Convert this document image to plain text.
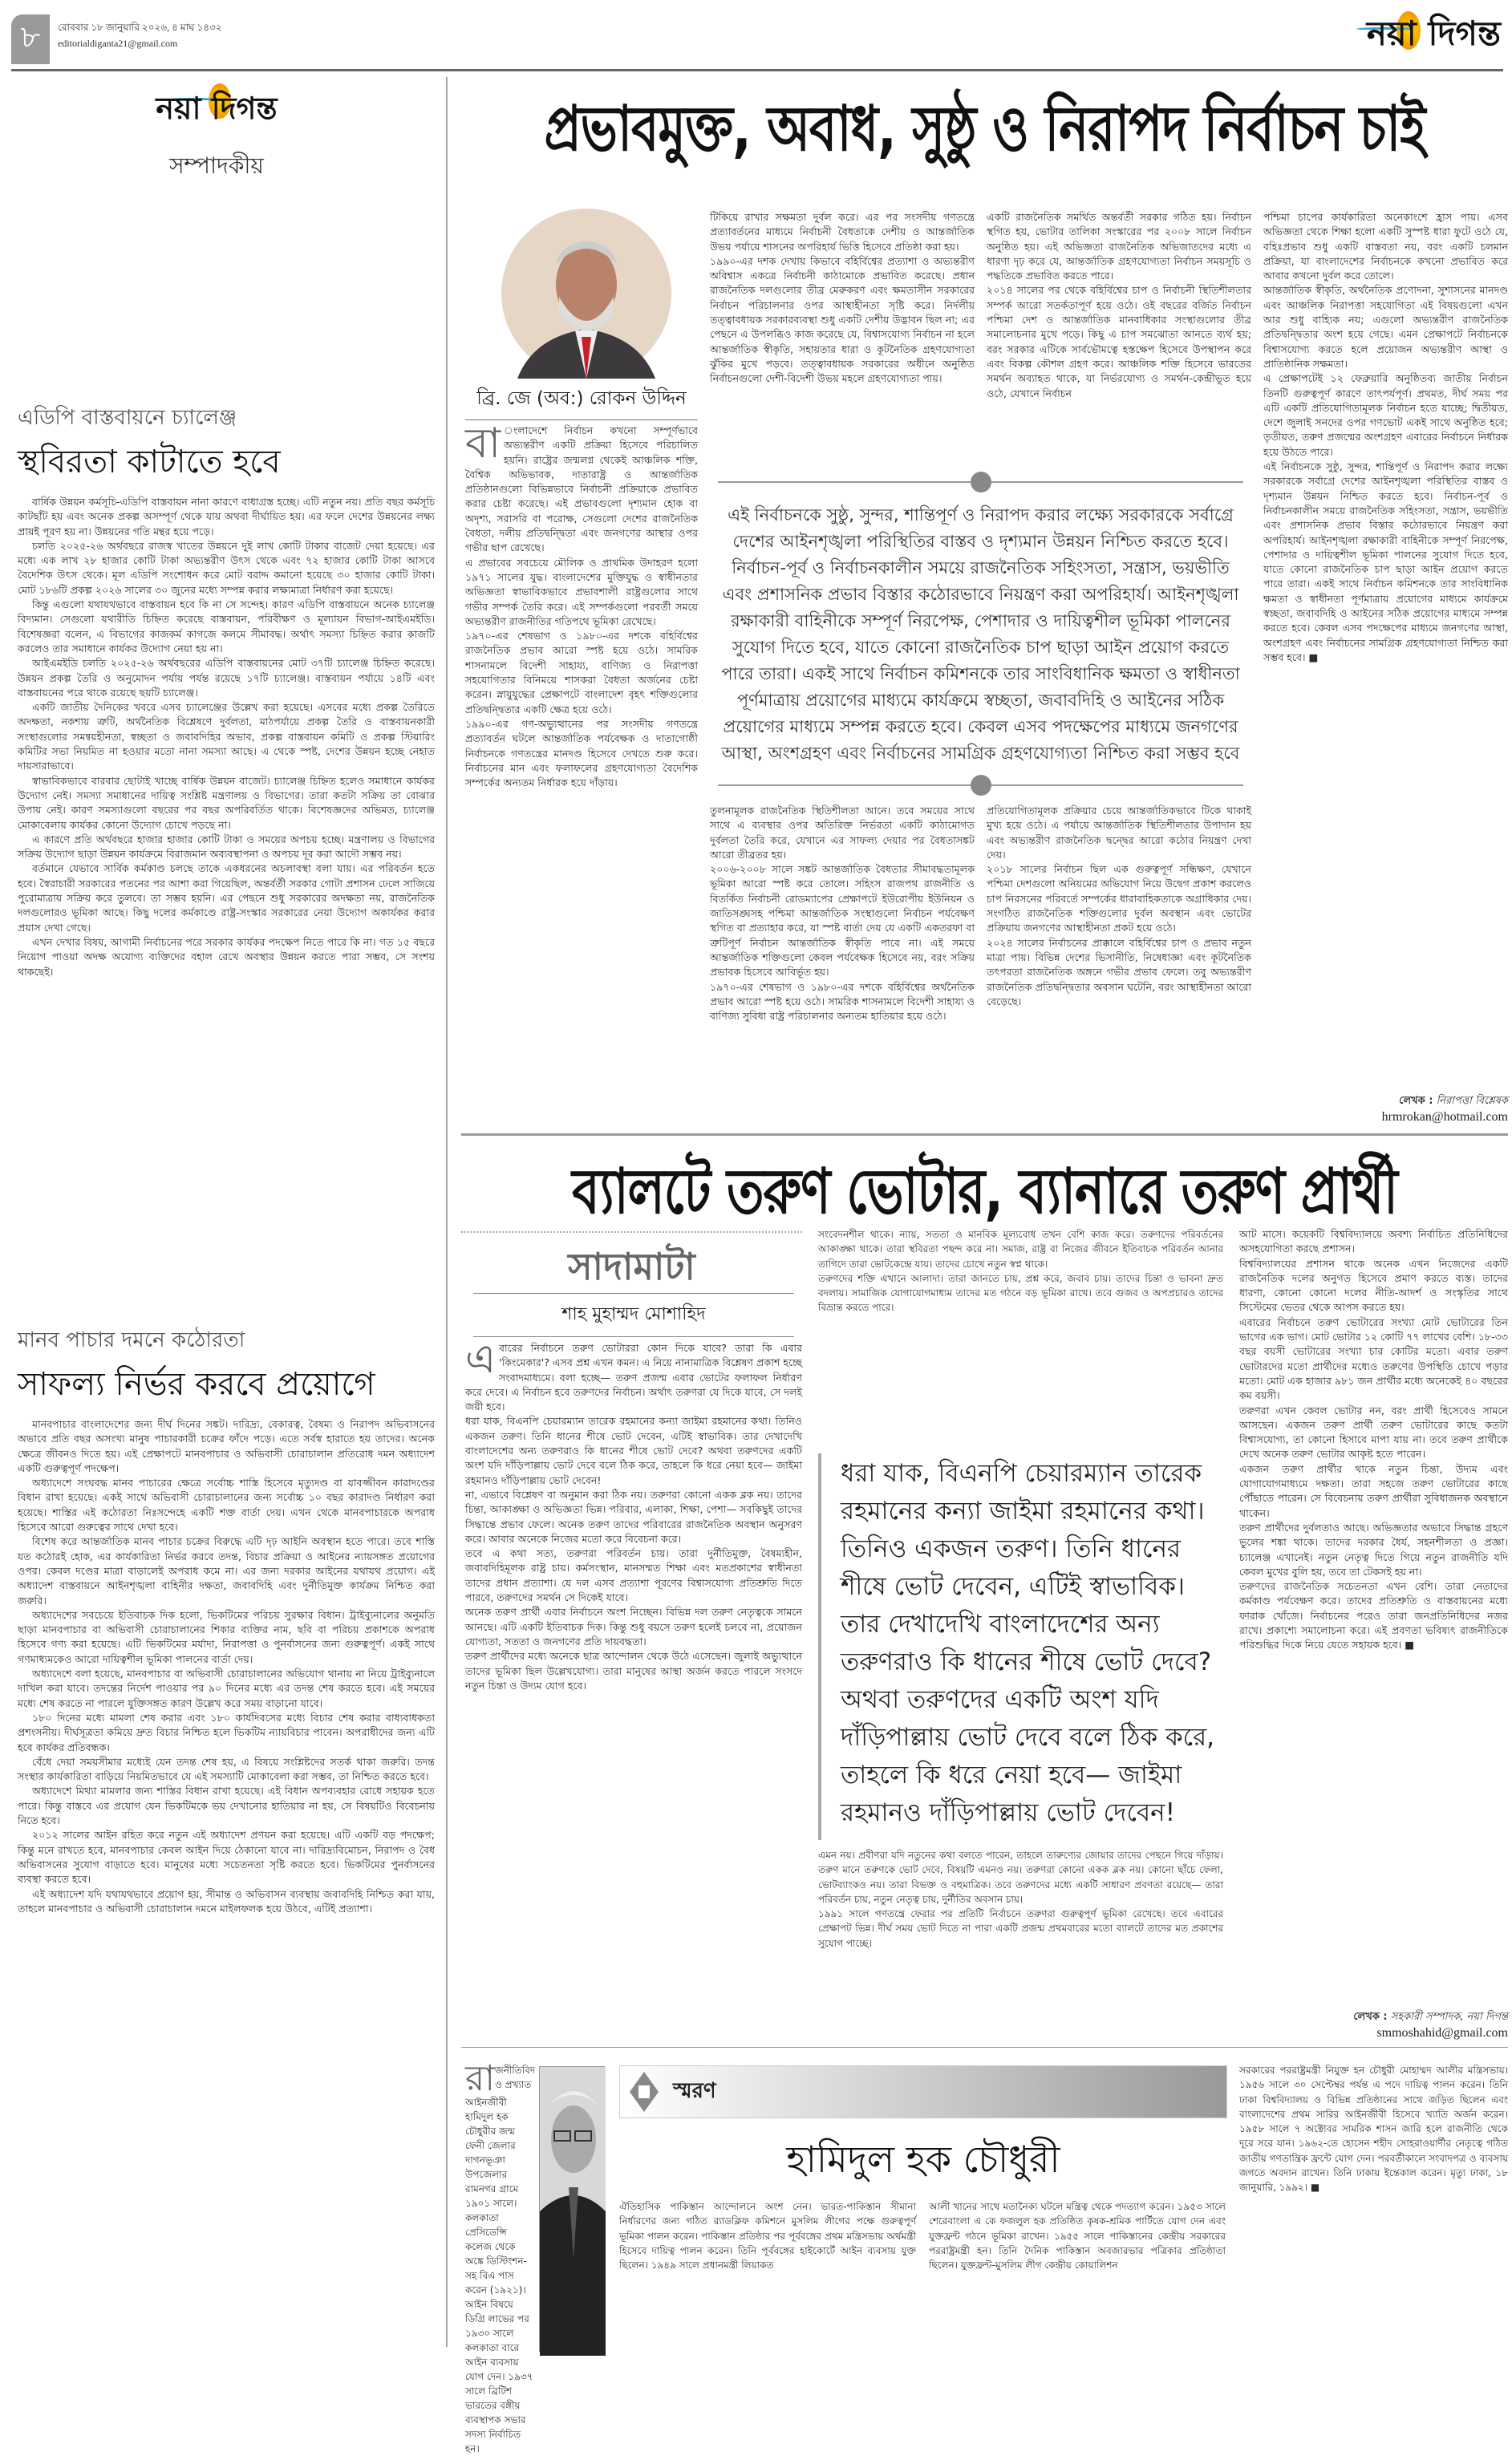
৮	রোববার ১৮ জানুয়ারি ২০২৬, ৪ মাঘ ১৪৩২
editorialdiganta21@gmail.com	নয়া দিগন্ত
নয়া দিগন্ত
সম্পাদকীয়
এডিপি বাস্তবায়নে চ্যালেঞ্জ
স্থবিরতা কাটাতে হবে

বার্ষিক উন্নয়ন কর্মসূচি-এডিপি বাস্তবায়ন নানা কারণে বাধাগ্রস্ত হচ্ছে। এটি নতুন নয়। প্রতি বছর কর্মসূচি কাটছাঁট হয় এবং অনেক প্রকল্প অসম্পূর্ণ থেকে যায় অথবা দীর্ঘায়িত হয়। এর ফলে দেশের উন্নয়নের লক্ষ্য প্রায়ই পূরণ হয় না। উন্নয়নের গতি মন্থর হয়ে পড়ে।

চলতি ২০২৫-২৬ অর্থবছরে রাজস্ব খাতের উন্নয়নে দুই লাখ কোটি টাকার বাজেট দেয়া হয়েছে। এর মধ্যে এক লাখ ২৮ হাজার কোটি টাকা অভ্যন্তরীণ উৎস থেকে এবং ৭২ হাজার কোটি টাকা আসবে বৈদেশিক উৎস থেকে। মূল এডিপি সংশোধন করে মোট বরাদ্দ কমানো হয়েছে ৩০ হাজার কোটি টাকা। মোট ১৮৬টি প্রকল্প ২০২৬ সালের ৩০ জুনের মধ্যে সম্পন্ন করার লক্ষ্যমাত্রা নির্ধারণ করা হয়েছে।

কিন্তু এগুলো যথাযথভাবে বাস্তবায়ন হবে কি না সে সন্দেহ। কারণ এডিপি বাস্তবায়নে অনেক চ্যালেঞ্জ বিদ্যমান। সেগুলো যথারীতি চিহ্নিত করেছে বাস্তবায়ন, পরিবীক্ষণ ও মূল্যায়ন বিভাগ-আইএমইডি। বিশেষজ্ঞরা বলেন, এ বিভাগের কাজকর্ম কাগজে কলমে সীমাবদ্ধ। অর্থাৎ সমস্যা চিহ্নিত করার কাজটি করলেও তার সমাধানে কার্যকর উদ্যোগ নেয়া হয় না।

আইএমইডি চলতি ২০২৫-২৬ অর্থবছরের এডিপি বাস্তবায়নের মোট ৩৭টি চ্যালেঞ্জ চিহ্নিত করেছে। উন্নয়ন প্রকল্প তৈরি ও অনুমোদন পর্যায় পর্যন্ত রয়েছে ১৭টি চ্যালেঞ্জ। বাস্তবায়ন পর্যায়ে ১৪টি এবং বাস্তবায়নের পরে থাকে রয়েছে ছয়টি চ্যালেঞ্জ।

একটি জাতীয় দৈনিকের খবরে এসব চ্যালেঞ্জের উল্লেখ করা হয়েছে। এসবের মধ্যে প্রকল্প তৈরিতে অদক্ষতা, নকশায় ত্রুটি, অর্থনৈতিক বিশ্লেষণে দুর্বলতা, মাঠপর্যায়ে প্রকল্প তৈরি ও বাস্তবায়নকারী সংস্থাগুলোর সমন্বয়হীনতা, স্বচ্ছতা ও জবাবদিহির অভাব, প্রকল্প বাস্তবায়ন কমিটি ও প্রকল্প স্টিয়ারিং কমিটির সভা নিয়মিত না হওয়ার মতো নানা সমস্যা আছে। এ থেকে স্পষ্ট, দেশের উন্নয়ন হচ্ছে নেহাত দায়সারাভাবে।

স্বাভাবিকভাবে বারবার ছোটাই খাচ্ছে বার্ষিক উন্নয়ন বাজেট। চ্যালেঞ্জ চিহ্নিত হলেও সমাধানে কার্যকর উদ্যোগ নেই। সমস্যা সমাধানের দায়িত্ব সংশ্লিষ্ট মন্ত্রণালয় ও বিভাগের। তারা কতটা সক্রিয় তা বোঝার উপায় নেই। কারণ সমস্যাগুলো বছরের পর বছর অপরিবর্তিত থাকে। বিশেষজ্ঞদের অভিমত, চ্যালেঞ্জ মোকাবেলায় কার্যকর কোনো উদ্যোগ চোখে পড়ছে না।

এ কারণে প্রতি অর্থবছরে হাজার হাজার কোটি টাকা ও সময়ের অপচয় হচ্ছে। মন্ত্রণালয় ও বিভাগের সক্রিয় উদ্যোগ ছাড়া উন্নয়ন কার্যক্রমে বিরাজমান অব্যবস্থাপনা ও অপচয় দূর করা আদৌ সম্ভব নয়।

বর্তমানে যেভাবে সার্বিক কর্মকাণ্ড চলছে তাকে একধরনের অচলাবস্থা বলা যায়। এর পরিবর্তন হতে হবে। স্বৈরাচারী সরকারের পতনের পর আশা করা গিয়েছিল, অন্তর্বর্তী সরকার গোটা প্রশাসন ঢেলে সাজিয়ে পুরোমাত্রায় সক্রিয় করে তুলবে। তা সম্ভব হয়নি। এর পেছনে শুধু সরকারের অদক্ষতা নয়, রাজনৈতিক দলগুলোরও ভূমিকা আছে। কিছু দলের কর্মকাণ্ডে রাষ্ট্র-সংস্কার সরকারের নেয়া উদ্যোগ অকার্যকর করার প্রয়াস দেখা গেছে।

এখন দেখার বিষয়, আগামী নির্বাচনের পরে সরকার কার্যকর পদক্ষেপ নিতে পারে কি না। গত ১৫ বছরে নিয়োগ পাওয়া অদক্ষ অযোগ্য ব্যক্তিদের বহাল রেখে অবস্থার উন্নয়ন করতে পারা সম্ভব, সে সংশয় থাকছেই।

মানব পাচার দমনে কঠোরতা
সাফল্য নির্ভর করবে প্রয়োগে

মানবপাচার বাংলাদেশের জন্য দীর্ঘ দিনের সঙ্কট। দারিদ্র্য, বেকারত্ব, বৈষম্য ও নিরাপদ অভিবাসনের অভাবে প্রতি বছর অসংখ্য মানুষ পাচারকারী চক্রের ফাঁদে পড়ে। এতে সর্বস্ব হারাতে হয় তাদের। অনেক ক্ষেত্রে জীবনও দিতে হয়। এই প্রেক্ষাপটে মানবপাচার ও অভিবাসী চোরাচালান প্রতিরোধ দমন অধ্যাদেশ একটি গুরুত্বপূর্ণ পদক্ষেপ।

অধ্যাদেশে সংঘবদ্ধ মানব পাচারের ক্ষেত্রে সর্বোচ্চ শাস্তি হিসেবে মৃত্যুদণ্ড বা যাবজ্জীবন কারাদণ্ডের বিধান রাখা হয়েছে। একই সাথে অভিবাসী চোরাচালানের জন্য সর্বোচ্চ ১০ বছর কারাদণ্ড নির্ধারণ করা হয়েছে। শাস্তির এই কঠোরতা নিঃসন্দেহে একটি শক্ত বার্তা দেয়। এখন থেকে মানবপাচারকে অপরাধ হিসেবে আরো গুরুত্বের সাথে দেখা হবে।

বিশেষ করে আন্তর্জাতিক মানব পাচার চক্রের বিরুদ্ধে এটি দৃঢ় আইনি অবস্থান হতে পারে। তবে শাস্তি যত কঠোরই হোক, এর কার্যকারিতা নির্ভর করবে তদন্ত, বিচার প্রক্রিয়া ও আইনের ন্যায়সঙ্গত প্রয়োগের ওপর। কেবল দণ্ডের মাত্রা বাড়ালেই অপরাধ কমে না। এর জন্য দরকার আইনের যথাযথ প্রয়োগ। এই অধ্যাদেশ বাস্তবায়নে আইনশৃঙ্খলা বাহিনীর দক্ষতা, জবাবদিহি এবং দুর্নীতিমুক্ত কার্যক্রম নিশ্চিত করা জরুরি।

অধ্যাদেশের সবচেয়ে ইতিবাচক দিক হলো, ভিকটিমের পরিচয় সুরক্ষার বিধান। ট্রাইব্যুনালের অনুমতি ছাড়া মানবপাচার বা অভিবাসী চোরাচালানের শিকার ব্যক্তির নাম, ছবি বা পরিচয় প্রকাশকে অপরাধ হিসেবে গণ্য করা হয়েছে। এটি ভিকটিমের মর্যাদা, নিরাপত্তা ও পুনর্বাসনের জন্য গুরুত্বপূর্ণ। একই সাথে গণমাধ্যমকেও আরো দায়িত্বশীল ভূমিকা পালনের বার্তা দেয়।

অধ্যাদেশে বলা হয়েছে, মানবপাচার বা অভিবাসী চোরাচালানের অভিযোগ থানায় না নিয়ে ট্রাইব্যুনালে দাখিল করা যাবে। তদন্তের নির্দেশ পাওয়ার পর ৯০ দিনের মধ্যে এর তদন্ত শেষ করতে হবে। এই সময়ের মধ্যে শেষ করতে না পারলে যুক্তিসঙ্গত কারণ উল্লেখ করে সময় বাড়ানো যাবে।

১৮০ দিনের মধ্যে মামলা শেষ করার এবং ১৮০ কার্যদিবসের মধ্যে বিচার শেষ করার বাধ্যবাধকতা প্রশংসনীয়। দীর্ঘসূত্রতা কমিয়ে দ্রুত বিচার নিশ্চিত হলে ভিকটিম ন্যায়বিচার পাবেন। অপরাধীদের জন্য এটি হবে কার্যকর প্রতিবন্ধক।

বেঁধে দেয়া সময়সীমার মধ্যেই যেন তদন্ত শেষ হয়, এ বিষয়ে সংশ্লিষ্টদের সতর্ক থাকা জরুরি। তদন্ত সংস্থার কার্যকারিতা বাড়িয়ে নিয়মিতভাবে যে এই সমস্যাটি মোকাবেলা করা সম্ভব, তা নিশ্চিত করতে হবে।

অধ্যাদেশে মিথ্যা মামলার জন্য শাস্তির বিধান রাখা হয়েছে। এই বিধান অপব্যবহার রোধে সহায়ক হতে পারে। কিন্তু বাস্তবে এর প্রয়োগ যেন ভিকটিমকে ভয় দেখানোর হাতিয়ার না হয়, সে বিষয়টিও বিবেচনায় নিতে হবে।

২০১২ সালের আইন রহিত করে নতুন এই অধ্যাদেশ প্রণয়ন করা হয়েছে। এটি একটি বড় পদক্ষেপ; কিন্তু মনে রাখতে হবে, মানবপাচার কেবল আইন দিয়ে ঠেকানো যাবে না। দারিদ্র্যবিমোচন, নিরাপদ ও বৈধ অভিবাসনের সুযোগ বাড়াতে হবে। মানুষের মধ্যে সচেতনতা সৃষ্টি করতে হবে। ভিকটিমের পুনর্বাসনের ব্যবস্থা করতে হবে।

এই অধ্যাদেশ যদি যথাযথভাবে প্রয়োগ হয়, সীমান্ত ও অভিবাসন ব্যবস্থায় জবাবদিহি নিশ্চিত করা যায়, তাহলে মানবপাচার ও অভিবাসী চোরাচালান দমনে মাইলফলক হয়ে উঠবে, এটিই প্রত্যাশা।

প্রভাবমুক্ত, অবাধ, সুষ্ঠু ও নিরাপদ নির্বাচন চাই
ব্রি. জে (অব:) রোকন উদ্দিন
বা ংলাদেশে নির্বাচন কখনো সম্পূর্ণভাবে অভ্যন্তরীণ একটি প্রক্রিয়া হিসেবে পরিচালিত হয়নি। রাষ্ট্রের জন্মলগ্ন থেকেই আঞ্চলিক শক্তি, বৈশ্বিক অভিভাবক, দাতারাষ্ট্র ও আন্তর্জাতিক প্রতিষ্ঠানগুলো বিভিন্নভাবে নির্বাচনী প্রক্রিয়াকে প্রভাবিত করার চেষ্টা করেছে। এই প্রভাবগুলো দৃশ্যমান হোক বা অদৃশ্য, সরাসরি বা পরোক্ষ, সেগুলো দেশের রাজনৈতিক বৈধতা, দলীয় প্রতিদ্বন্দ্বিতা এবং জনগণের আস্থার ওপর গভীর ছাপ রেখেছে।
এ প্রভাবের সবচেয়ে মৌলিক ও প্রাথমিক উদাহরণ হলো ১৯৭১ সালের যুদ্ধ। বাংলাদেশের মুক্তিযুদ্ধ ও স্বাধীনতার অভিজ্ঞতা স্বাভাবিকভাবে প্রভাবশালী রাষ্ট্রগুলোর সাথে গভীর সম্পর্ক তৈরি করে। এই সম্পর্কগুলো পরবর্তী সময়ে অভ্যন্তরীণ রাজনীতির গতিপথে ভূমিকা রেখেছে।
১৯৭০-এর শেষভাগ ও ১৯৮০-এর দশকে বহির্বিশ্বের রাজনৈতিক প্রভাব আরো স্পষ্ট হয়ে ওঠে। সামরিক শাসনামলে বিদেশী সাহায্য, বাণিজ্য ও নিরাপত্তা সহযোগিতার বিনিময়ে শাসকরা বৈধতা অর্জনের চেষ্টা করেন। স্নায়ুযুদ্ধের প্রেক্ষাপটে বাংলাদেশ বৃহৎ শক্তিগুলোর প্রতিদ্বন্দ্বিতার একটি ক্ষেত্র হয়ে ওঠে।
১৯৯০-এর গণ-অভ্যুত্থানের পর সংসদীয় গণতন্ত্রে প্রত্যাবর্তন ঘটলে আন্তর্জাতিক পর্যবেক্ষক ও দাতাগোষ্ঠী নির্বাচনকে গণতন্ত্রের মানদণ্ড হিসেবে দেখতে শুরু করে। নির্বাচনের মান এবং ফলাফলের গ্রহণযোগ্যতা বৈদেশিক সম্পর্কের অন্যতম নির্ধারক হয়ে দাঁড়ায়।
টিকিয়ে রাখার সক্ষমতা দুর্বল করে। এর পর সংসদীয় গণতন্ত্রে প্রত্যাবর্তনের মাধ্যমে নির্বাচনী বৈধতাকে দেশীয় ও আন্তর্জাতিক উভয় পর্যায়ে শাসনের অপরিহার্য ভিত্তি হিসেবে প্রতিষ্ঠা করা হয়।
১৯৯০-এর দশক দেখায় কিভাবে বহির্বিশ্বের প্রত্যাশা ও অভ্যন্তরীণ অবিশ্বাস একত্রে নির্বাচনী কাঠামোকে প্রভাবিত করেছে। প্রধান রাজনৈতিক দলগুলোর তীব্র মেরুকরণ এবং ক্ষমতাসীন সরকারের নির্বাচন পরিচালনার ওপর আস্থাহীনতা সৃষ্টি করে। নির্দলীয় তত্ত্বাবধায়ক সরকারব্যবস্থা শুধু একটি দেশীয় উদ্ভাবন ছিল না; এর পেছনে এ উপলব্ধিও কাজ করেছে যে, বিশ্বাসযোগ্য নির্বাচন না হলে আন্তর্জাতিক স্বীকৃতি, সহায়তার ধারা ও কূটনৈতিক গ্রহণযোগ্যতা ঝুঁকির মুখে পড়বে। তত্ত্বাবধায়ক সরকারের অধীনে অনুষ্ঠিত নির্বাচনগুলো দেশী-বিদেশী উভয় মহলে গ্রহণযোগ্যতা পায়।
একটি রাজনৈতিক সমর্থিত অন্তর্বর্তী সরকার গঠিত হয়। নির্বাচন স্থগিত হয়, ভোটার তালিকা সংস্কারের পর ২০০৮ সালে নির্বাচন অনুষ্ঠিত হয়। এই অভিজ্ঞতা রাজনৈতিক অভিজাতদের মধ্যে এ ধারণা দৃঢ় করে যে, আন্তর্জাতিক গ্রহণযোগ্যতা নির্বাচন সময়সূচি ও পদ্ধতিকে প্রভাবিত করতে পারে।
২০১৪ সালের পর থেকে বহির্বিশ্বের চাপ ও নির্বাচনী স্থিতিশীলতার সম্পর্ক আরো সতর্কতাপূর্ণ হয়ে ওঠে। ওই বছরের বর্জিত নির্বাচন পশ্চিমা দেশ ও আন্তর্জাতিক মানবাধিকার সংস্থাগুলোর তীব্র সমালোচনার মুখে পড়ে। কিছু এ চাপ সমঝোতা আনতে ব্যর্থ হয়; বরং সরকার এটিকে সার্বভৌমত্বে হস্তক্ষেপ হিসেবে উপস্থাপন করে এবং বিকল্প কৌশল গ্রহণ করে। আঞ্চলিক শক্তি হিসেবে ভারতের সমর্থন অব্যাহত থাকে, যা নির্ভরযোগ্য ও সমর্থন-কেন্দ্রীভূত হয়ে ওঠে, যেখানে নির্বাচন
এই নির্বাচনকে সুষ্ঠু, সুন্দর, শান্তিপূর্ণ ও নিরাপদ করার লক্ষ্যে সরকারকে সর্বাগ্রে দেশের আইনশৃঙ্খলা পরিস্থিতির বাস্তব ও দৃশ্যমান উন্নয়ন নিশ্চিত করতে হবে। নির্বাচন-পূর্ব ও নির্বাচনকালীন সময়ে রাজনৈতিক সহিংসতা, সন্ত্রাস, ভয়ভীতি এবং প্রশাসনিক প্রভাব বিস্তার কঠোরভাবে নিয়ন্ত্রণ করা অপরিহার্য। আইনশৃঙ্খলা রক্ষাকারী বাহিনীকে সম্পূর্ণ নিরপেক্ষ, পেশাদার ও দায়িত্বশীল ভূমিকা পালনের সুযোগ দিতে হবে, যাতে কোনো রাজনৈতিক চাপ ছাড়া আইন প্রয়োগ করতে পারে তারা। একই সাথে নির্বাচন কমিশনকে তার সাংবিধানিক ক্ষমতা ও স্বাধীনতা পূর্ণমাত্রায় প্রয়োগের মাধ্যমে কার্যক্রমে স্বচ্ছতা, জবাবদিহি ও আইনের সঠিক প্রয়োগের মাধ্যমে সম্পন্ন করতে হবে। কেবল এসব পদক্ষেপের মাধ্যমে জনগণের আস্থা, অংশগ্রহণ এবং নির্বাচনের সামগ্রিক গ্রহণযোগ্যতা নিশ্চিত করা সম্ভব হবে
তুলনামূলক রাজনৈতিক স্থিতিশীলতা আনে। তবে সময়ের সাথে সাথে এ ব্যবস্থার ওপর অতিরিক্ত নির্ভরতা একটি কাঠামোগত দুর্বলতা তৈরি করে, যেখানে এর সাফল্য দেয়ার পর বৈধতাসঙ্কট আরো তীব্রতর হয়।
২০০৬-২০০৮ সালে সঙ্কট আন্তর্জাতিক বৈধতার সীমাবদ্ধতামূলক ভূমিকা আরো স্পষ্ট করে তোলে। সহিংস রাজপথ রাজনীতি ও বিতর্কিত নির্বাচনী রোডম্যাপের প্রেক্ষাপটে ইউরোপীয় ইউনিয়ন ও জাতিসঙ্ঘসহ পশ্চিমা আন্তর্জাতিক সংস্থাগুলো নির্বাচন পর্যবেক্ষণ স্থগিত বা প্রত্যাহার করে, যা স্পষ্ট বার্তা দেয় যে একটি একতরফা বা ত্রুটিপূর্ণ নির্বাচন আন্তর্জাতিক স্বীকৃতি পাবে না। এই সময়ে আন্তর্জাতিক শক্তিগুলো কেবল পর্যবেক্ষক হিসেবে নয়, বরং সক্রিয় প্রভাবক হিসেবে আবির্ভূত হয়।
১৯৭০-এর শেষভাগ ও ১৯৮০-এর দশকে বহির্বিশ্বের অর্থনৈতিক প্রভাব আরো স্পষ্ট হয়ে ওঠে। সামরিক শাসনামলে বিদেশী সাহায্য ও বাণিজ্য সুবিধা রাষ্ট্র পরিচালনার অন্যতম হাতিয়ার হয়ে ওঠে।
প্রতিযোগিতামূলক প্রক্রিয়ার চেয়ে আন্তর্জাতিকভাবে টিকে থাকাই মুখ্য হয়ে ওঠে। এ পর্যায়ে আন্তর্জাতিক স্থিতিশীলতার উপাদান হয় এবং অভ্যন্তরীণ রাজনৈতিক দ্বন্দ্বের আরো কঠোর নিয়ন্ত্রণ দেখা দেয়।
২০১৮ সালের নির্বাচন ছিল এক গুরুত্বপূর্ণ সন্ধিক্ষণ, যেখানে পশ্চিমা দেশগুলো অনিয়মের অভিযোগ নিয়ে উদ্বেগ প্রকাশ করলেও চাপ নিরসনের পরিবর্তে সম্পর্কের ধারাবাহিকতাকে অগ্রাধিকার দেয়। সংগঠিত রাজনৈতিক শক্তিগুলোর দুর্বল অবস্থান এবং ভোটের প্রক্রিয়ায় জনগণের আস্থাহীনতা প্রকট হয়ে ওঠে।
২০২৪ সালের নির্বাচনের প্রাক্কালে বহির্বিশ্বের চাপ ও প্রভাব নতুন মাত্রা পায়। বিভিন্ন দেশের ভিসানীতি, নিষেধাজ্ঞা এবং কূটনৈতিক তৎপরতা রাজনৈতিক অঙ্গনে গভীর প্রভাব ফেলে। তবু অভ্যন্তরীণ রাজনৈতিক প্রতিদ্বন্দ্বিতার অবসান ঘটেনি, বরং আস্থাহীনতা আরো বেড়েছে।
পশ্চিমা চাপের কার্যকারিতা অনেকাংশে হ্রাস পায়। এসব অভিজ্ঞতা থেকে শিক্ষা হলো একটি সুস্পষ্ট ধারা ফুটে ওঠে যে, বহিঃপ্রভাব শুধু একটি বাস্তবতা নয়, বরং একটি চলমান প্রক্রিয়া, যা বাংলাদেশের নির্বাচনকে কখনো প্রভাবিত করে আবার কখনো দুর্বল করে তোলে।
আন্তর্জাতিক স্বীকৃতি, অর্থনৈতিক প্রণোদনা, সুশাসনের মানদণ্ড এবং আঞ্চলিক নিরাপত্তা সহযোগিতা এই বিষয়গুলো এখন আর শুধু বাহ্যিক নয়; এগুলো অভ্যন্তরীণ রাজনৈতিক প্রতিদ্বন্দ্বিতার অংশ হয়ে গেছে। এমন প্রেক্ষাপটে নির্বাচনকে বিশ্বাসযোগ্য করতে হলে প্রয়োজন অভ্যন্তরীণ আস্থা ও প্রাতিষ্ঠানিক সক্ষমতা।
এ প্রেক্ষাপটেই ১২ ফেব্রুয়ারি অনুষ্ঠিতব্য জাতীয় নির্বাচন তিনটি গুরুত্বপূর্ণ কারণে তাৎপর্যপূর্ণ। প্রথমত, দীর্ঘ সময় পর এটি একটি প্রতিযোগিতামূলক নির্বাচন হতে যাচ্ছে; দ্বিতীয়ত, দেশে জুলাই সনদের ওপর গণভোট একই সাথে অনুষ্ঠিত হবে; তৃতীয়ত, তরুণ প্রজন্মের অংশগ্রহণ এবারের নির্বাচনে নির্ধারক হয়ে উঠতে পারে।
এই নির্বাচনকে সুষ্ঠু, সুন্দর, শান্তিপূর্ণ ও নিরাপদ করার লক্ষ্যে সরকারকে সর্বাগ্রে দেশের আইনশৃঙ্খলা পরিস্থিতির বাস্তব ও দৃশ্যমান উন্নয়ন নিশ্চিত করতে হবে। নির্বাচন-পূর্ব ও নির্বাচনকালীন সময়ে রাজনৈতিক সহিংসতা, সন্ত্রাস, ভয়ভীতি এবং প্রশাসনিক প্রভাব বিস্তার কঠোরভাবে নিয়ন্ত্রণ করা অপরিহার্য। আইনশৃঙ্খলা রক্ষাকারী বাহিনীকে সম্পূর্ণ নিরপেক্ষ, পেশাদার ও দায়িত্বশীল ভূমিকা পালনের সুযোগ দিতে হবে, যাতে কোনো রাজনৈতিক চাপ ছাড়া আইন প্রয়োগ করতে পারে তারা। একই সাথে নির্বাচন কমিশনকে তার সাংবিধানিক ক্ষমতা ও স্বাধীনতা পূর্ণমাত্রায় প্রয়োগের মাধ্যমে কার্যক্রমে স্বচ্ছতা, জবাবদিহি ও আইনের সঠিক প্রয়োগের মাধ্যমে সম্পন্ন করতে হবে। কেবল এসব পদক্ষেপের মাধ্যমে জনগণের আস্থা, অংশগ্রহণ এবং নির্বাচনের সামগ্রিক গ্রহণযোগ্যতা নিশ্চিত করা সম্ভব হবে। ■
লেখক : নিরাপত্তা বিশ্লেষক
hrmrokan@hotmail.com
ব্যালটে তরুণ ভোটার, ব্যানারে তরুণ প্রার্থী
সাদামাটা
শাহ মুহাম্মদ মোশাহিদ
এবারের নির্বাচনে তরুণ ভোটাররা কোন দিকে যাবে? তারা কি এবার 'কিংমেকার'? এসব প্রশ্ন এখন কমন। এ নিয়ে নানামাত্রিক বিশ্লেষণ প্রকাশ হচ্ছে সংবাদমাধ্যমে। বলা হচ্ছে— তরুণ প্রজন্ম এবার ভোটের ফলাফল নির্ধারণ করে দেবে। এ নির্বাচন হবে তরুণদের নির্বাচন। অর্থাৎ তরুণরা যে দিকে যাবে, সে দলই জয়ী হবে।
ধরা যাক, বিএনপি চেয়ারম্যান তারেক রহমানের কন্যা জাইমা রহমানের কথা। তিনিও একজন তরুণ। তিনি ধানের শীষে ভোট দেবেন, এটিই স্বাভাবিক। তার দেখাদেখি বাংলাদেশের অন্য তরুণরাও কি ধানের শীষে ভোট দেবে? অথবা তরুণদের একটি অংশ যদি দাঁড়িপাল্লায় ভোট দেবে বলে ঠিক করে, তাহলে কি ধরে নেয়া হবে— জাইমা রহমানও দাঁড়িপাল্লায় ভোট দেবেন!
না, এভাবে বিশ্লেষণ বা অনুমান করা ঠিক নয়। তরুণরা কোনো একক ব্লক নয়। তাদের চিন্তা, আকাঙ্ক্ষা ও অভিজ্ঞতা ভিন্ন। পরিবার, এলাকা, শিক্ষা, পেশা— সবকিছুই তাদের সিদ্ধান্তে প্রভাব ফেলে। অনেক তরুণ তাদের পরিবারের রাজনৈতিক অবস্থান অনুসরণ করে। আবার অনেকে নিজের মতো করে বিবেচনা করে।
তবে এ কথা সত্য, তরুণরা পরিবর্তন চায়। তারা দুর্নীতিমুক্ত, বৈষম্যহীন, জবাবদিহিমূলক রাষ্ট্র চায়। কর্মসংস্থান, মানসম্মত শিক্ষা এবং মতপ্রকাশের স্বাধীনতা তাদের প্রধান প্রত্যাশা। যে দল এসব প্রত্যাশা পূরণের বিশ্বাসযোগ্য প্রতিশ্রুতি দিতে পারবে, তরুণদের সমর্থন সে দিকেই যাবে।
অনেক তরুণ প্রার্থী এবার নির্বাচনে অংশ নিচ্ছেন। বিভিন্ন দল তরুণ নেতৃত্বকে সামনে আনছে। এটি একটি ইতিবাচক দিক। কিন্তু শুধু বয়সে তরুণ হলেই চলবে না, প্রয়োজন যোগ্যতা, সততা ও জনগণের প্রতি দায়বদ্ধতা।
তরুণ প্রার্থীদের মধ্যে অনেকে ছাত্র আন্দোলন থেকে উঠে এসেছেন। জুলাই অভ্যুত্থানে তাদের ভূমিকা ছিল উল্লেখযোগ্য। তারা মানুষের আস্থা অর্জন করতে পারলে সংসদে নতুন চিন্তা ও উদ্যম যোগ হবে।
সংবেদনশীল থাকে। ন্যায়, সততা ও মানবিক মূল্যবোধ তখন বেশি কাজ করে। তরুণদের পরিবর্তনের আকাঙ্ক্ষা থাকে। তারা স্থবিরতা পছন্দ করে না। সমাজ, রাষ্ট্র বা নিজের জীবনে ইতিবাচক পরিবর্তন আনার তাগিদে তারা ভোটকেন্দ্রে যায়। তাদের চোখে নতুন স্বপ্ন থাকে।
তরুণদের শক্তি এখানে আলাদা। তারা জানতে চায়, প্রশ্ন করে, জবাব চায়। তাদের চিন্তা ও ভাবনা দ্রুত বদলায়। সামাজিক যোগাযোগমাধ্যম তাদের মত গঠনে বড় ভূমিকা রাখে। তবে গুজব ও অপপ্রচারও তাদের বিভ্রান্ত করতে পারে।
ধরা যাক, বিএনপি চেয়ারম্যান তারেক রহমানের কন্যা জাইমা রহমানের কথা। তিনিও একজন তরুণ। তিনি ধানের শীষে ভোট দেবেন, এটিই স্বাভাবিক। তার দেখাদেখি বাংলাদেশের অন্য তরুণরাও কি ধানের শীষে ভোট দেবে? অথবা তরুণদের একটি অংশ যদি দাঁড়িপাল্লায় ভোট দেবে বলে ঠিক করে, তাহলে কি ধরে নেয়া হবে— জাইমা রহমানও দাঁড়িপাল্লায় ভোট দেবেন!
এমন নয়। প্রবীণরা যদি নতুনের কথা বলতে পারেন, তাহলে তারুণ্যের জোয়ার তাদের পেছনে গিয়ে দাঁড়ায়। তরুণ মানে তরুণকে ভোট দেবে, বিষয়টি এমনও নয়। তরুণরা কোনো একক ব্লক নয়। কোনো ছাঁচে ফেলা, ভোটব্যাংকও নয়। তারা বিভক্ত ও বহুমাত্রিক। তবে তরুণদের মধ্যে একটি সাধারণ প্রবণতা রয়েছে— তারা পরিবর্তন চায়, নতুন নেতৃত্ব চায়, দুর্নীতির অবসান চায়।
১৯৯১ সালে গণতন্ত্রে ফেরার পর প্রতিটি নির্বাচনে তরুণরা গুরুত্বপূর্ণ ভূমিকা রেখেছে। তবে এবারের প্রেক্ষাপট ভিন্ন। দীর্ঘ সময় ভোট দিতে না পারা একটি প্রজন্ম প্রথমবারের মতো ব্যালটে তাদের মত প্রকাশের সুযোগ পাচ্ছে।
আট মাসে। কয়েকটি বিশ্ববিদ্যালয়ে অবশ্য নির্বাচিত প্রতিনিধিদের অসহযোগিতা করছে প্রশাসন।
বিশ্ববিদ্যালয়ের প্রশাসন থাকে অনেক এখন নিজেদের একটি রাজনৈতিক দলের অনুগত হিসেবে প্রমাণ করতে ব্যস্ত। তাদের ধারণা, কোনো কোনো দলের নীতি-আদর্শ ও সংস্কৃতির সাথে সিস্টেমের ভেতর থেকে আপস করতে হয়।
এবারের নির্বাচনে তরুণ ভোটারের সংখ্যা মোট ভোটারের তিন ভাগের এক ভাগ। মোট ভোটার ১২ কোটি ৭৭ লাখের বেশি। ১৮-৩৩ বছর বয়সী ভোটারের সংখ্যা চার কোটির মতো। এবার তরুণ ভোটারদের মতো প্রার্থীদের মধ্যেও তরুণের উপস্থিতি চোখে পড়ার মতো। মোট এক হাজার ৯৮১ জন প্রার্থীর মধ্যে অনেকেই ৪০ বছরের কম বয়সী।
তরুণরা এখন কেবল ভোটার নন, বরং প্রার্থী হিসেবেও সামনে আসছেন। একজন তরুণ প্রার্থী তরুণ ভোটারের কাছে কতটা বিশ্বাসযোগ্য, তা কোনো হিসাবে মাপা যায় না। তবে তরুণ প্রার্থীকে দেখে অনেক তরুণ ভোটার আকৃষ্ট হতে পারেন।
একজন তরুণ প্রার্থীর থাকে নতুন চিন্তা, উদ্যম এবং যোগাযোগমাধ্যমে দক্ষতা। তারা সহজে তরুণ ভোটারের কাছে পৌঁছাতে পারেন। সে বিবেচনায় তরুণ প্রার্থীরা সুবিধাজনক অবস্থানে থাকেন।
তরুণ প্রার্থীদের দুর্বলতাও আছে। অভিজ্ঞতার অভাবে সিদ্ধান্ত গ্রহণে ভুলের শঙ্কা থাকে। তাদের দরকার ধৈর্য, সহনশীলতা ও প্রজ্ঞা। চ্যালেঞ্জ এখানেই। নতুন নেতৃত্ব দিতে গিয়ে নতুন রাজনীতি যদি কেবল মুখের বুলি হয়, তবে তা টেকসই হয় না।
তরুণদের রাজনৈতিক সচেতনতা এখন বেশি। তারা নেতাদের কর্মকাণ্ড পর্যবেক্ষণ করে। তাদের প্রতিশ্রুতি ও বাস্তবায়নের মধ্যে ফারাক খোঁজে। নির্বাচনের পরেও তারা জনপ্রতিনিধিদের নজর রাখে। প্রকাশ্যে সমালোচনা করে। এই প্রবণতা ভবিষ্যৎ রাজনীতিকে পরিশুদ্ধির দিকে নিয়ে যেতে সহায়ক হবে। ■
লেখক : সহকারী সম্পাদক, নয়া দিগন্ত
smmoshahid@gmail.com
রাজনীতিবিদ ও প্রখ্যাত আইনজীবী হামিদুল হক চৌধুরীর জন্ম ফেনী জেলার দাগনভূঞা উপজেলার রামনগর গ্রামে ১৯০১ সালে। কলকাতা প্রেসিডেন্সি কলেজ থেকে অঙ্কে ডিস্টিংশন-সহ বিএ পাস করেন (১৯২১)। আইন বিষয়ে ডিগ্রি লাভের পর ১৯৩০ সালে কলকাতা বারে আইন ব্যবসায় যোগ দেন। ১৯৩৭ সালে ব্রিটিশ ভারতের বঙ্গীয় ব্যবস্থাপক সভার সদস্য নির্বাচিত হন।
স্মরণ
হামিদুল হক চৌধুরী
ঐতিহাসিক পাকিস্তান আন্দোলনে অংশ নেন। ভারত-পাকিস্তান সীমানা নির্ধারণের জন্য গঠিত র‌্যাডক্লিফ কমিশনে মুসলিম লীগের পক্ষে গুরুত্বপূর্ণ ভূমিকা পালন করেন। পাকিস্তান প্রতিষ্ঠার পর পূর্ববঙ্গের প্রথম মন্ত্রিসভায় অর্থমন্ত্রী হিসেবে দায়িত্ব পালন করেন। তিনি পূর্ববঙ্গের হাইকোর্টে আইন ব্যবসায় যুক্ত ছিলেন। ১৯৪৯ সালে প্রধানমন্ত্রী লিয়াকত
আলী খানের সাথে মতানৈক্য ঘটলে মন্ত্রিত্ব থেকে পদত্যাগ করেন। ১৯৫৩ সালে শেরেবাংলা এ কে ফজলুল হক প্রতিষ্ঠিত কৃষক-শ্রমিক পার্টিতে যোগ দেন এবং যুক্তফ্রন্ট গঠনে ভূমিকা রাখেন। ১৯৫৫ সালে পাকিস্তানের কেন্দ্রীয় সরকারের পররাষ্ট্রমন্ত্রী হন। তিনি দৈনিক পাকিস্তান অবজারভার পত্রিকার প্রতিষ্ঠাতা ছিলেন। যুক্তফ্রন্ট-মুসলিম লীগ কেন্দ্রীয় কোয়ালিশন
সরকারের পররাষ্ট্রমন্ত্রী নিযুক্ত হন চৌধুরী মোহাম্মদ আলীর মন্ত্রিসভায়। ১৯৫৬ সালে ৩০ সেপ্টেম্বর পর্যন্ত এ পদে দায়িত্ব পালন করেন। তিনি ঢাকা বিশ্ববিদ্যালয় ও বিভিন্ন প্রতিষ্ঠানের সাথে জড়িত ছিলেন এবং বাংলাদেশের প্রথম সারির আইনজীবী হিসেবে খ্যাতি অর্জন করেন। ১৯৫৮ সালে ৭ অক্টোবর সামরিক শাসন জারি হলে রাজনীতি থেকে দূরে সরে যান। ১৯৬২-তে হোসেন শহীদ সোহরাওয়ার্দীর নেতৃত্বে গঠিত জাতীয় গণতান্ত্রিক ফ্রন্টে যোগ দেন। পরবর্তীকালে সংবাদপত্র ও ব্যবসায় জগতে অবদান রাখেন। তিনি ঢাকায় ইন্তেকাল করেন। মৃত্যু ঢাকা, ১৮ জানুয়ারি, ১৯৯২। ■
